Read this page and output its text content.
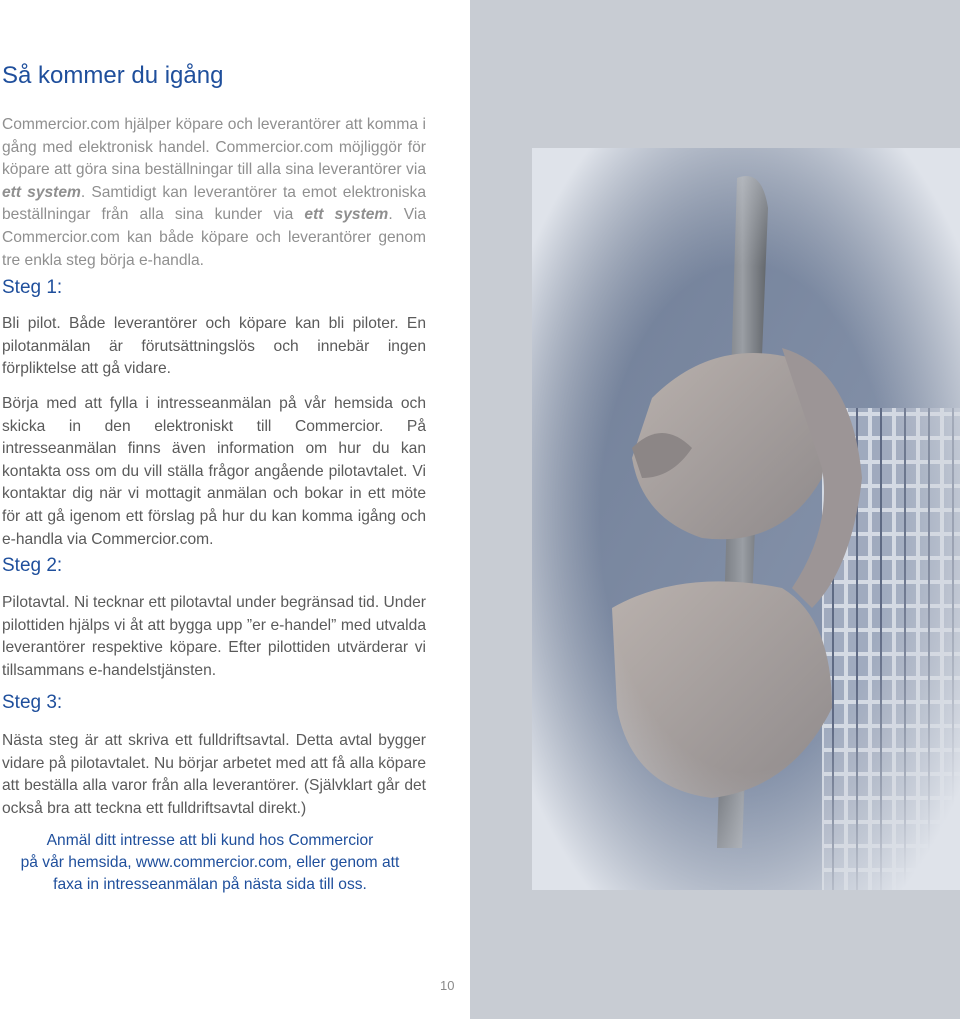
Så kommer du igång

Commercior.com hjälper köpare och leverantörer att komma i gång med elektronisk handel. Commercior.com möjliggör för köpare att göra sina beställningar till alla sina leverantörer via ett system. Samtidigt kan leverantörer ta emot elektroniska beställningar från alla sina kunder via ett system. Via Commercior.com kan både köpare och leverantörer genom tre enkla steg börja e-handla.

Steg 1:

Bli pilot. Både leverantörer och köpare kan bli piloter. En pilotanmälan är förutsättningslös och innebär ingen förpliktelse att gå vidare.

Börja med att fylla i intresseanmälan på vår hemsida och skicka in den elektroniskt till Commercior. På intresseanmälan finns även information om hur du kan kontakta oss om du vill ställa frågor angående pilotavtalet. Vi kontaktar dig när vi mottagit anmälan och bokar in ett möte för att gå igenom ett förslag på hur du kan komma igång och e-handla via Commercior.com.

Steg 2:

Pilotavtal. Ni tecknar ett pilotavtal under begränsad tid. Under pilottiden hjälps vi åt att bygga upp ”er e-handel” med utvalda leverantörer respektive köpare. Efter pilottiden utvärderar vi tillsammans e-handelstjänsten.

Steg 3:

Nästa steg är att skriva ett fulldriftsavtal. Detta avtal bygger vidare på pilotavtalet. Nu börjar arbetet med att få alla köpare att beställa alla varor från alla leverantörer. (Självklart går det också bra att teckna ett fulldriftsavtal direkt.)

Anmäl ditt intresse att bli kund hos Commercior
på vår hemsida, www.commercior.com, eller genom att
faxa in intresseanmälan på nästa sida till oss.
10
